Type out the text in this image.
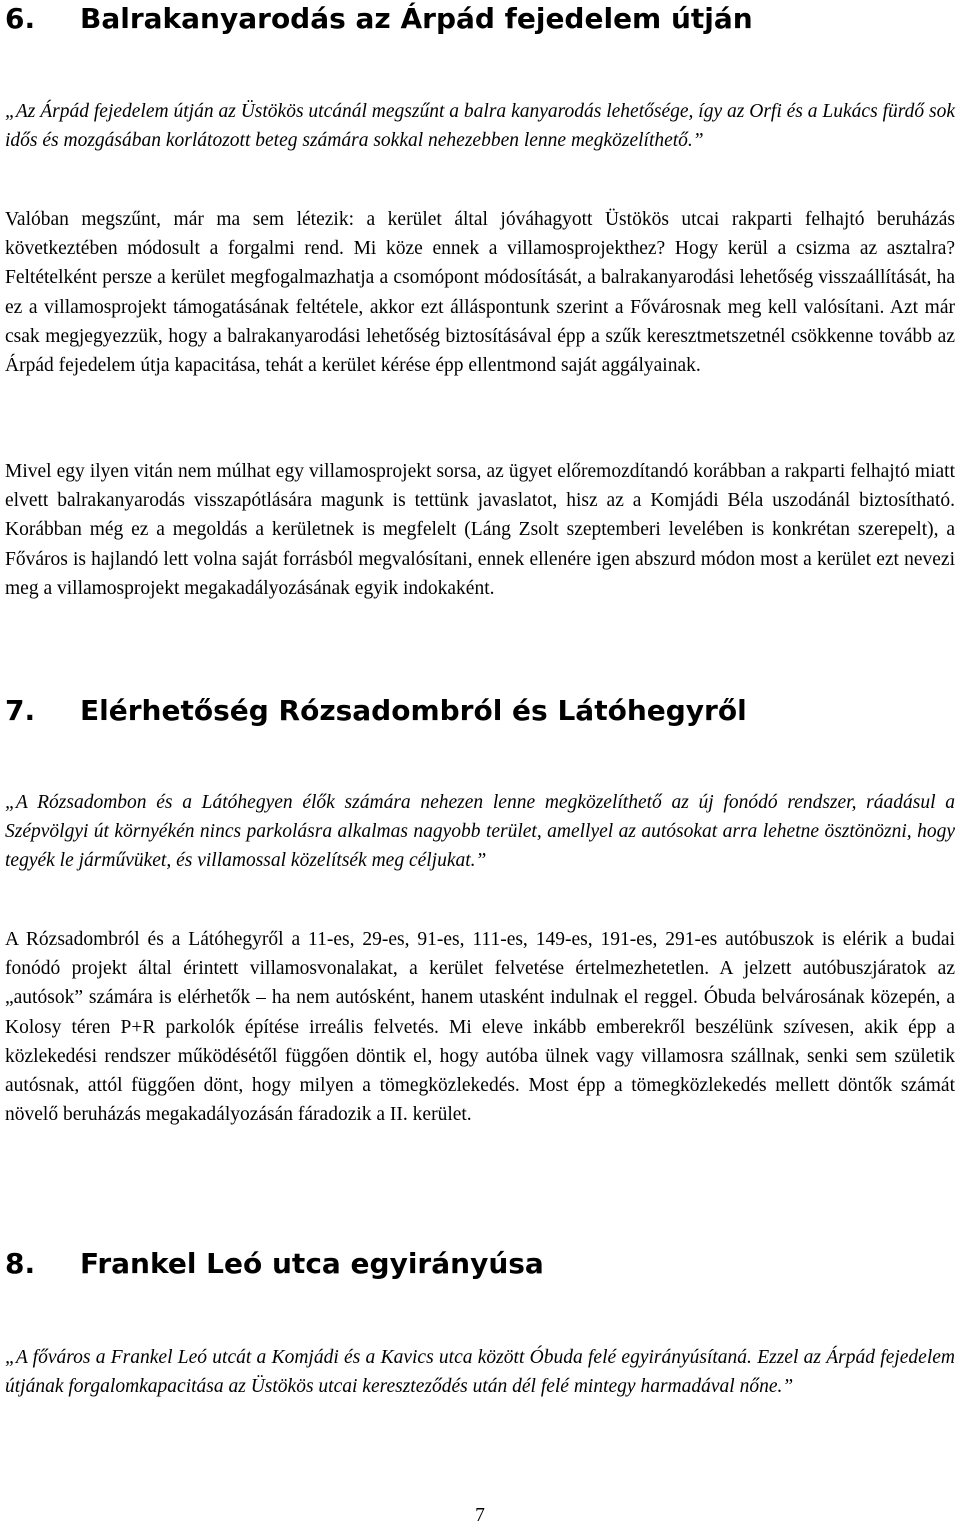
6.	Balrakanyarodás az Árpád fejedelem útján

„Az Árpád fejedelem útján az Üstökös utcánál megszűnt a balra kanyarodás lehetősége, így az Orfi és a Lukács fürdő sok idős és mozgásában korlátozott beteg számára sokkal nehezebben lenne megközelíthető.”

Valóban megszűnt, már ma sem létezik: a kerület által jóváhagyott Üstökös utcai rakparti felhajtó beruházás következtében módosult a forgalmi rend. Mi köze ennek a villamosprojekthez? Hogy kerül a csizma az asztalra? Feltételként persze a kerület megfogalmazhatja a csomópont módosítását, a balrakanyarodási lehetőség visszaállítását, ha ez a villamosprojekt támogatásának feltétele, akkor ezt álláspontunk szerint a Fővárosnak meg kell valósítani. Azt már csak megjegyezzük, hogy a balrakanyarodási lehetőség biztosításával épp a szűk keresztmetszetnél csökkenne tovább az Árpád fejedelem útja kapacitása, tehát a kerület kérése épp ellentmond saját aggályainak.

Mivel egy ilyen vitán nem múlhat egy villamosprojekt sorsa, az ügyet előremozdítandó korábban a rakparti felhajtó miatt elvett balrakanyarodás visszapótlására magunk is tettünk javaslatot, hisz az a Komjádi Béla uszodánál biztosítható. Korábban még ez a megoldás a kerületnek is megfelelt (Láng Zsolt szeptemberi levelében is konkrétan szerepelt), a Főváros is hajlandó lett volna saját forrásból megvalósítani, ennek ellenére igen abszurd módon most a kerület ezt nevezi meg a villamosprojekt megakadályozásának egyik indokaként.

7.	Elérhetőség Rózsadombról és Látóhegyről

„A Rózsadombon és a Látóhegyen élők számára nehezen lenne megközelíthető az új fonódó rendszer, ráadásul a Szépvölgyi út környékén nincs parkolásra alkalmas nagyobb terület, amellyel az autósokat arra lehetne ösztönözni, hogy tegyék le járművüket, és villamossal közelítsék meg céljukat.”

A Rózsadombról és a Látóhegyről a 11-es, 29-es, 91-es, 111-es, 149-es, 191-es, 291-es autóbuszok is elérik a budai fonódó projekt által érintett villamosvonalakat, a kerület felvetése értelmezhetetlen. A jelzett autóbuszjáratok az „autósok” számára is elérhetők – ha nem autósként, hanem utasként indulnak el reggel. Óbuda belvárosának közepén, a Kolosy téren P+R parkolók építése irreális felvetés. Mi eleve inkább emberekről beszélünk szívesen, akik épp a közlekedési rendszer működésétől függően döntik el, hogy autóba ülnek vagy villamosra szállnak, senki sem születik autósnak, attól függően dönt, hogy milyen a tömegközlekedés. Most épp a tömegközlekedés mellett döntők számát növelő beruházás megakadályozásán fáradozik a II. kerület.

8.	Frankel Leó utca egyirányúsa

„A főváros a Frankel Leó utcát a Komjádi és a Kavics utca között Óbuda felé egyirányúsítaná. Ezzel az Árpád fejedelem útjának forgalomkapacitása az Üstökös utcai kereszteződés után dél felé mintegy harmadával nőne.”

7
